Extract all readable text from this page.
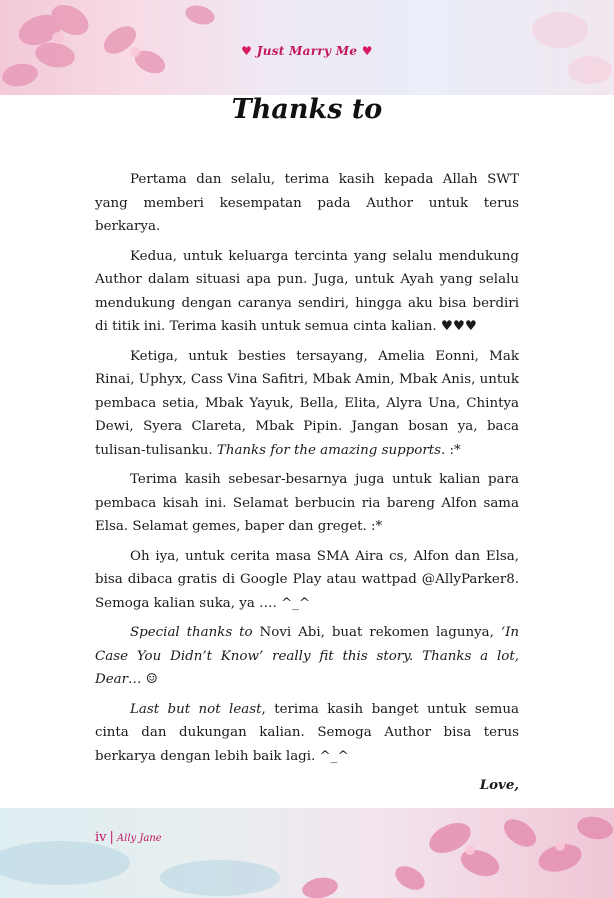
♥ Just Marry Me ♥
Thanks to

Pertama dan selalu, terima kasih kepada Allah SWT yang memberi kesempatan pada Author untuk terus berkarya.

Kedua, untuk keluarga tercinta yang selalu mendukung Author dalam situasi apa pun. Juga, untuk Ayah yang selalu mendukung dengan caranya sendiri, hingga aku bisa berdiri di titik ini. Terima kasih untuk semua cinta kalian. ♥♥♥

Ketiga, untuk besties tersayang, Amelia Eonni, Mak Rinai, Uphyx, Cass Vina Safitri, Mbak Amin, Mbak Anis, untuk pembaca setia, Mbak Yayuk, Bella, Elita, Alyra Una, Chintya Dewi, Syera Clareta, Mbak Pipin. Jangan bosan ya, baca tulisan-tulisanku. Thanks for the amazing supports. :*

Terima kasih sebesar-besarnya juga untuk kalian para pembaca kisah ini. Selamat berbucin ria bareng Alfon sama Elsa. Selamat gemes, baper dan greget. :*

Oh iya, untuk cerita masa SMA Aira cs, Alfon dan Elsa, bisa dibaca gratis di Google Play atau wattpad @AllyParker8. Semoga kalian suka, ya …. ^_^

Special thanks to Novi Abi, buat rekomen lagunya, ‘In Case You Didn’t Know’ really fit this story. Thanks a lot, Dear… ☺

Last but not least, terima kasih banget untuk semua cinta dan dukungan kalian. Semoga Author bisa terus berkarya dengan lebih baik lagi. ^_^

Love,
iv | Ally Jane
